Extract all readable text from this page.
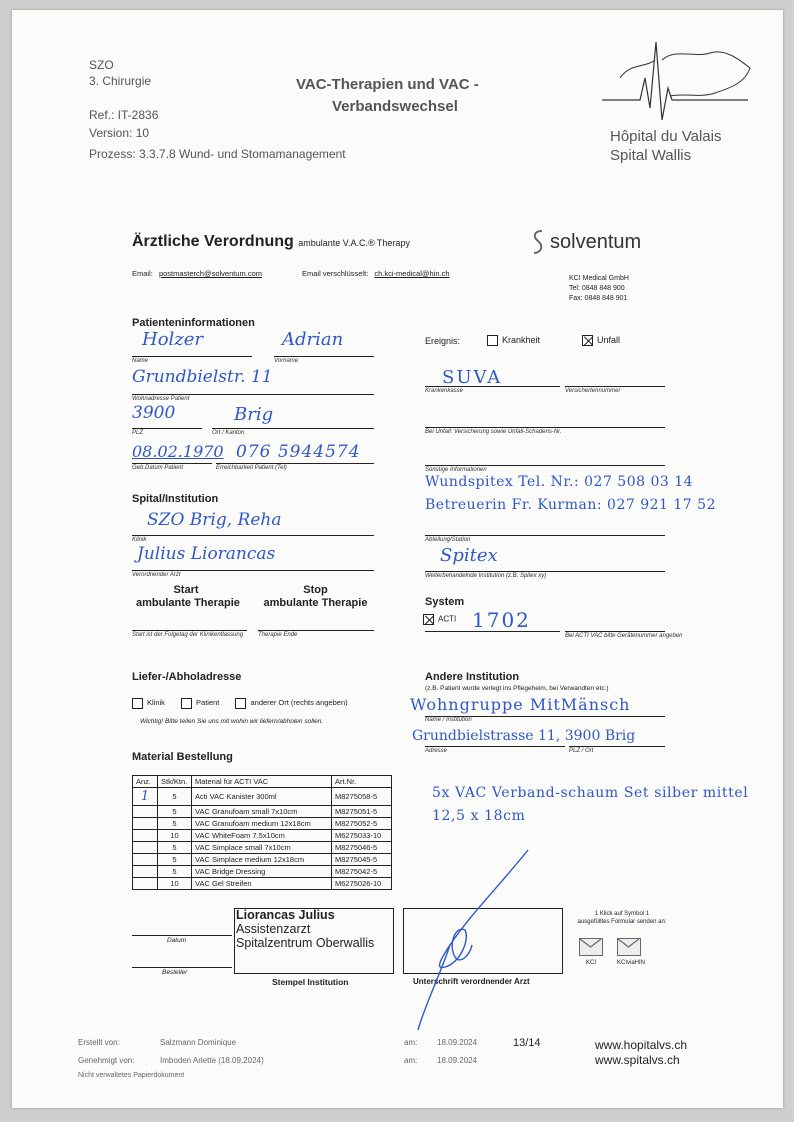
SZO
3. Chirurgie
Ref.: IT-2836
Version: 10
Prozess: 3.3.7.8 Wund- und Stomamanagement
VAC-Therapien und VAC -
Verbandswechsel
Hôpital du Valais
Spital Wallis
Ärztliche Verordnung ambulante V.A.C.® Therapy	solventum
Email: postmasterch@solventum.com	Email verschlüsselt: ch.kci-medical@hin.ch
KCI Medical GmbH
Tel: 0848 848 900
Fax: 0848 848 901
Patienteninformationen
Holzer	Adrian
Name	Vorname
Grundbielstr. 11
Wohnadresse Patient
3900	Brig
PLZ	Ort / Kanton
08.02.1970 076 5944574
Geb.Datum Patient	Erreichbarkeit Patient (Tel)
Ereignis:	Krankheit	Unfall
SUVA
Krankenkasse	Versichertennummer
Bei Unfall: Versicherung sowie Unfall-Schadens-Nr.
Sonstige Informationen
Wundspitex Tel. Nr.: 027 508 03 14
Betreuerin Fr. Kurman: 027 921 17 52
Spital/Institution
SZO Brig, Reha
Klinik
Julius Liorancas
Verordnender Arzt
Abteilung/Station
Spitex
Weiterbehandelnde Institution (z.B. Spitex xy)
Start
ambulante Therapie
Stop
ambulante Therapie
Start ist der Folgetag der Klinikentlassung Therapie Ende
System
ACTI 1702
Bei ACTI VAC bitte Gerätenummer angeben
Liefer-/Abholadresse
Klinik	Patient	anderer Ort (rechts angeben)
Wichtig! Bitte teilen Sie uns mit wohin wir liefern/abholen sollen.
Andere Institution
(z.B. Patient wurde verlegt ins Pflegeheim, bei Verwandten etc.)
Wohngruppe MitMänsch
Name / Institution
Grundbielstrasse 11, 3900 Brig
Adresse	PLZ / Ort
Material Bestellung
Anz.	Stk/Ktn.	Material für ACTI VAC	Art.Nr.
1	5	Acti VAC Kanister 300ml	M8275058-5
	5	VAC Granufoam small 7x10cm	M8275051-5
	5	VAC Granufoam medium 12x18cm	M8275052-5
	10	VAC WhiteFoam 7.5x10cm	M6275033-10
	5	VAC Simplace small 7x10cm	M8275046-5
	5	VAC Simplace medium 12x18cm	M8275045-5
	5	VAC Bridge Dressing	M8275042-5
	10	VAC Gel Streifen	M6275026-10
5x VAC Verband-schaum Set silber mittel
12,5 x 18cm
Datum
Besteller
Liorancas Julius
Assistenzarzt
Spitalzentrum Oberwallis
Stempel Institution	Unterschrift verordnender Arzt
1 Klick auf Symbol 1
ausgefülltes Formular senden an:
KCI	KCIviaHIN
Erstellt von:	Salzmann Dominique
Genehmigt von:	Imboden Arlette (18.09.2024)
Nicht verwaltetes Papierdokument
am: 18.09.2024
am: 18.09.2024
13/14	www.hopitalvs.ch
www.spitalvs.ch
